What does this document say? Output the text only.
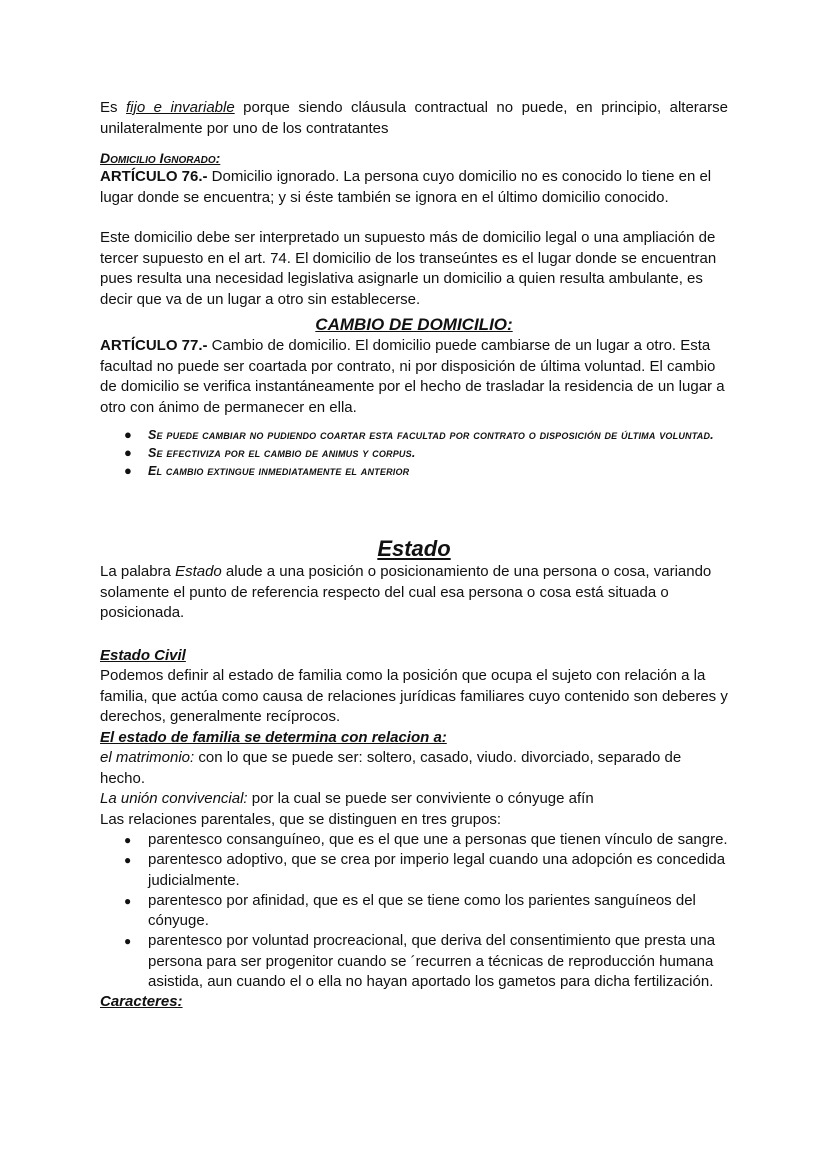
Es fijo e invariable porque siendo cláusula contractual no puede, en principio, alterarse unilateralmente por uno de los contratantes

Domicilio Ignorado:

ARTÍCULO 76.- Domicilio ignorado. La persona cuyo domicilio no es conocido lo tiene en el lugar donde se encuentra; y si éste también se ignora en el último domicilio conocido.

Este domicilio debe ser interpretado un supuesto más de domicilio legal o una ampliación de tercer supuesto en el art. 74. El domicilio de los transeúntes es el lugar donde se encuentran pues resulta una necesidad legislativa asignarle un domicilio a quien resulta ambulante, es decir que va de un lugar a otro sin establecerse.

CAMBIO DE DOMICILIO:

ARTÍCULO 77.- Cambio de domicilio. El domicilio puede cambiarse de un lugar a otro. Esta facultad no puede ser coartada por contrato, ni por disposición de última voluntad. El cambio de domicilio se verifica instantáneamente por el hecho de trasladar la residencia de un lugar a otro con ánimo de permanecer en ella.

● Se puede cambiar no pudiendo coartar esta facultad por contrato o disposición de última voluntad.
● Se efectiviza por el cambio de animus y corpus.
● El cambio extingue inmediatamente el anterior

Estado

La palabra Estado alude a una posición o posicionamiento de una persona o cosa, variando solamente el punto de referencia respecto del cual esa persona o cosa está situada o posicionada.

Estado Civil

Podemos definir al estado de familia como la posición que ocupa el sujeto con relación a la familia, que actúa como causa de relaciones jurídicas familiares cuyo contenido son deberes y derechos, generalmente recíprocos.

El estado de familia se determina con relacion a:

el matrimonio: con lo que se puede ser: soltero, casado, viudo. divorciado, separado de hecho.

La unión convivencial: por la cual se puede ser conviviente o cónyuge afín

Las relaciones parentales, que se distinguen en tres grupos:

● parentesco consanguíneo, que es el que une a personas que tienen vínculo de sangre.
● parentesco adoptivo, que se crea por imperio legal cuando una adopción es concedida judicialmente.
● parentesco por afinidad, que es el que se tiene como los parientes sanguíneos del cónyuge.
● parentesco por voluntad procreacional, que deriva del consentimiento que presta una persona para ser progenitor cuando se ´recurren a técnicas de reproducción humana asistida, aun cuando el o ella no hayan aportado los gametos para dicha fertilización.

Caracteres:
